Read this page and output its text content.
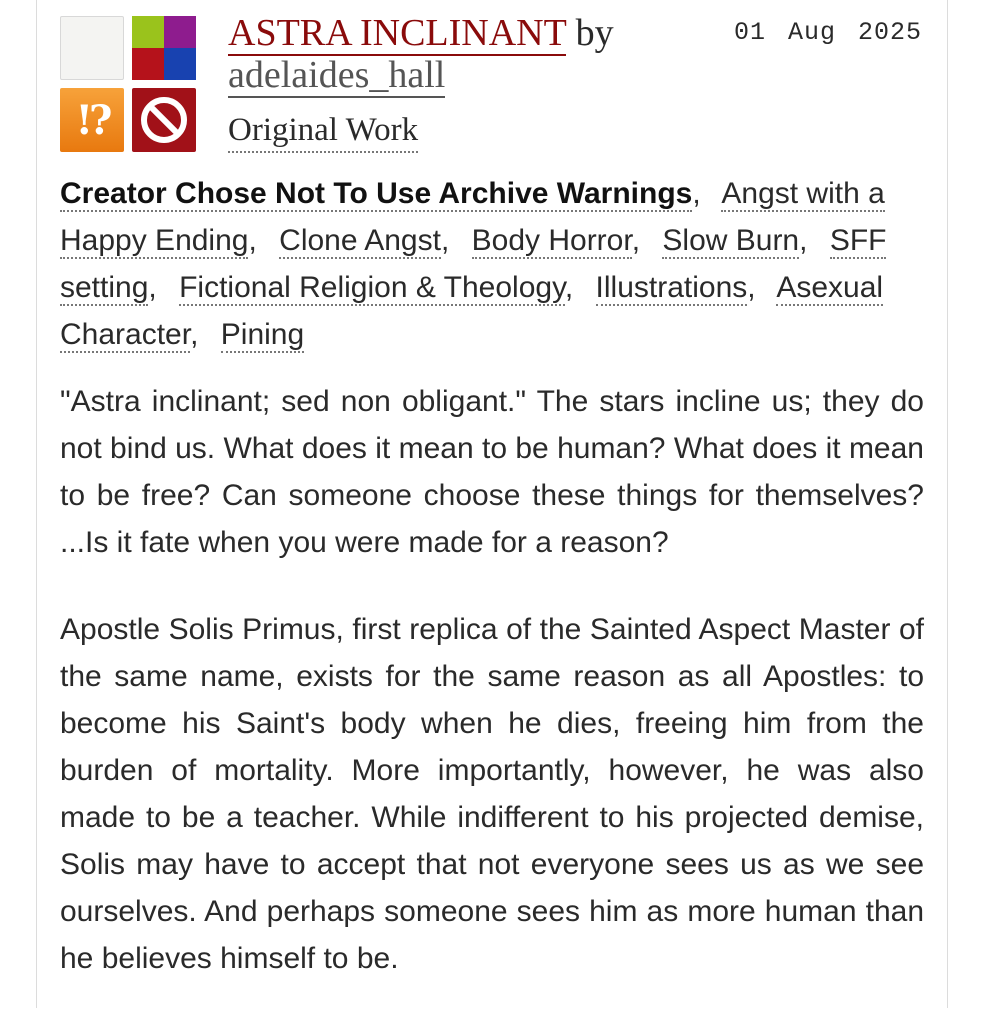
!?
ASTRA INCLINANT by
adelaides_hall
Original Work
01 Aug 2025
Creator Chose Not To Use Archive Warnings, Angst with a Happy Ending, Clone Angst, Body Horror, Slow Burn, SFF setting, Fictional Religion & Theology, Illustrations, Asexual Character, Pining

"Astra inclinant; sed non obligant." The stars incline us; they do not bind us. What does it mean to be human? What does it mean to be free? Can someone choose these things for themselves? ...Is it fate when you were made for a reason?

Apostle Solis Primus, first replica of the Sainted Aspect Master of the same name, exists for the same reason as all Apostles: to become his Saint's body when he dies, freeing him from the burden of mortality. More importantly, however, he was also made to be a teacher. While indifferent to his projected demise, Solis may have to accept that not everyone sees us as we see ourselves. And perhaps someone sees him as more human than he believes himself to be.
